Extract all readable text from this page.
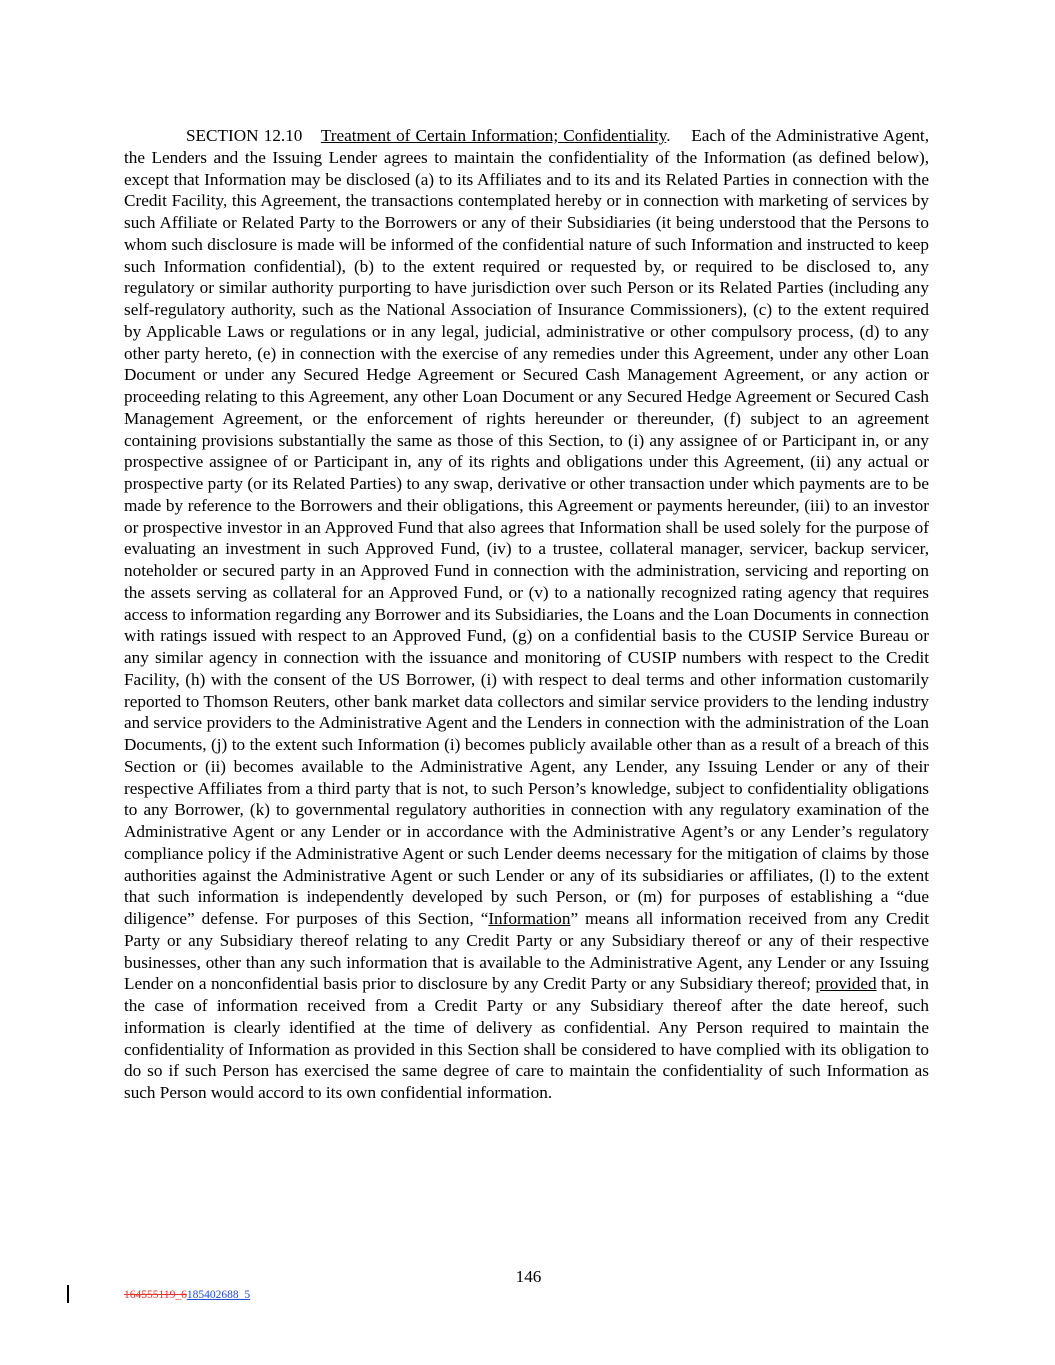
SECTION 12.10 Treatment of Certain Information; Confidentiality. Each of the Administrative Agent, the Lenders and the Issuing Lender agrees to maintain the confidentiality of the Information (as defined below), except that Information may be disclosed (a) to its Affiliates and to its and its Related Parties in connection with the Credit Facility, this Agreement, the transactions contemplated hereby or in connection with marketing of services by such Affiliate or Related Party to the Borrowers or any of their Subsidiaries (it being understood that the Persons to whom such disclosure is made will be informed of the confidential nature of such Information and instructed to keep such Information confidential), (b) to the extent required or requested by, or required to be disclosed to, any regulatory or similar authority purporting to have jurisdiction over such Person or its Related Parties (including any self-regulatory authority, such as the National Association of Insurance Commissioners), (c) to the extent required by Applicable Laws or regulations or in any legal, judicial, administrative or other compulsory process, (d) to any other party hereto, (e) in connection with the exercise of any remedies under this Agreement, under any other Loan Document or under any Secured Hedge Agreement or Secured Cash Management Agreement, or any action or proceeding relating to this Agreement, any other Loan Document or any Secured Hedge Agreement or Secured Cash Management Agreement, or the enforcement of rights hereunder or thereunder, (f) subject to an agreement containing provisions substantially the same as those of this Section, to (i) any assignee of or Participant in, or any prospective assignee of or Participant in, any of its rights and obligations under this Agreement, (ii) any actual or prospective party (or its Related Parties) to any swap, derivative or other transaction under which payments are to be made by reference to the Borrowers and their obligations, this Agreement or payments hereunder, (iii) to an investor or prospective investor in an Approved Fund that also agrees that Information shall be used solely for the purpose of evaluating an investment in such Approved Fund, (iv) to a trustee, collateral manager, servicer, backup servicer, noteholder or secured party in an Approved Fund in connection with the administration, servicing and reporting on the assets serving as collateral for an Approved Fund, or (v) to a nationally recognized rating agency that requires access to information regarding any Borrower and its Subsidiaries, the Loans and the Loan Documents in connection with ratings issued with respect to an Approved Fund, (g) on a confidential basis to the CUSIP Service Bureau or any similar agency in connection with the issuance and monitoring of CUSIP numbers with respect to the Credit Facility, (h) with the consent of the US Borrower, (i) with respect to deal terms and other information customarily reported to Thomson Reuters, other bank market data collectors and similar service providers to the lending industry and service providers to the Administrative Agent and the Lenders in connection with the administration of the Loan Documents, (j) to the extent such Information (i) becomes publicly available other than as a result of a breach of this Section or (ii) becomes available to the Administrative Agent, any Lender, any Issuing Lender or any of their respective Affiliates from a third party that is not, to such Person’s knowledge, subject to confidentiality obligations to any Borrower, (k) to governmental regulatory authorities in connection with any regulatory examination of the Administrative Agent or any Lender or in accordance with the Administrative Agent’s or any Lender’s regulatory compliance policy if the Administrative Agent or such Lender deems necessary for the mitigation of claims by those authorities against the Administrative Agent or such Lender or any of its subsidiaries or affiliates, (l) to the extent that such information is independently developed by such Person, or (m) for purposes of establishing a “due diligence” defense. For purposes of this Section, “Information” means all information received from any Credit Party or any Subsidiary thereof relating to any Credit Party or any Subsidiary thereof or any of their respective businesses, other than any such information that is available to the Administrative Agent, any Lender or any Issuing Lender on a nonconfidential basis prior to disclosure by any Credit Party or any Subsidiary thereof; provided that, in the case of information received from a Credit Party or any Subsidiary thereof after the date hereof, such information is clearly identified at the time of delivery as confidential. Any Person required to maintain the confidentiality of Information as provided in this Section shall be considered to have complied with its obligation to do so if such Person has exercised the same degree of care to maintain the confidentiality of such Information as such Person would accord to its own confidential information.

146
164555119_6185402688_5
